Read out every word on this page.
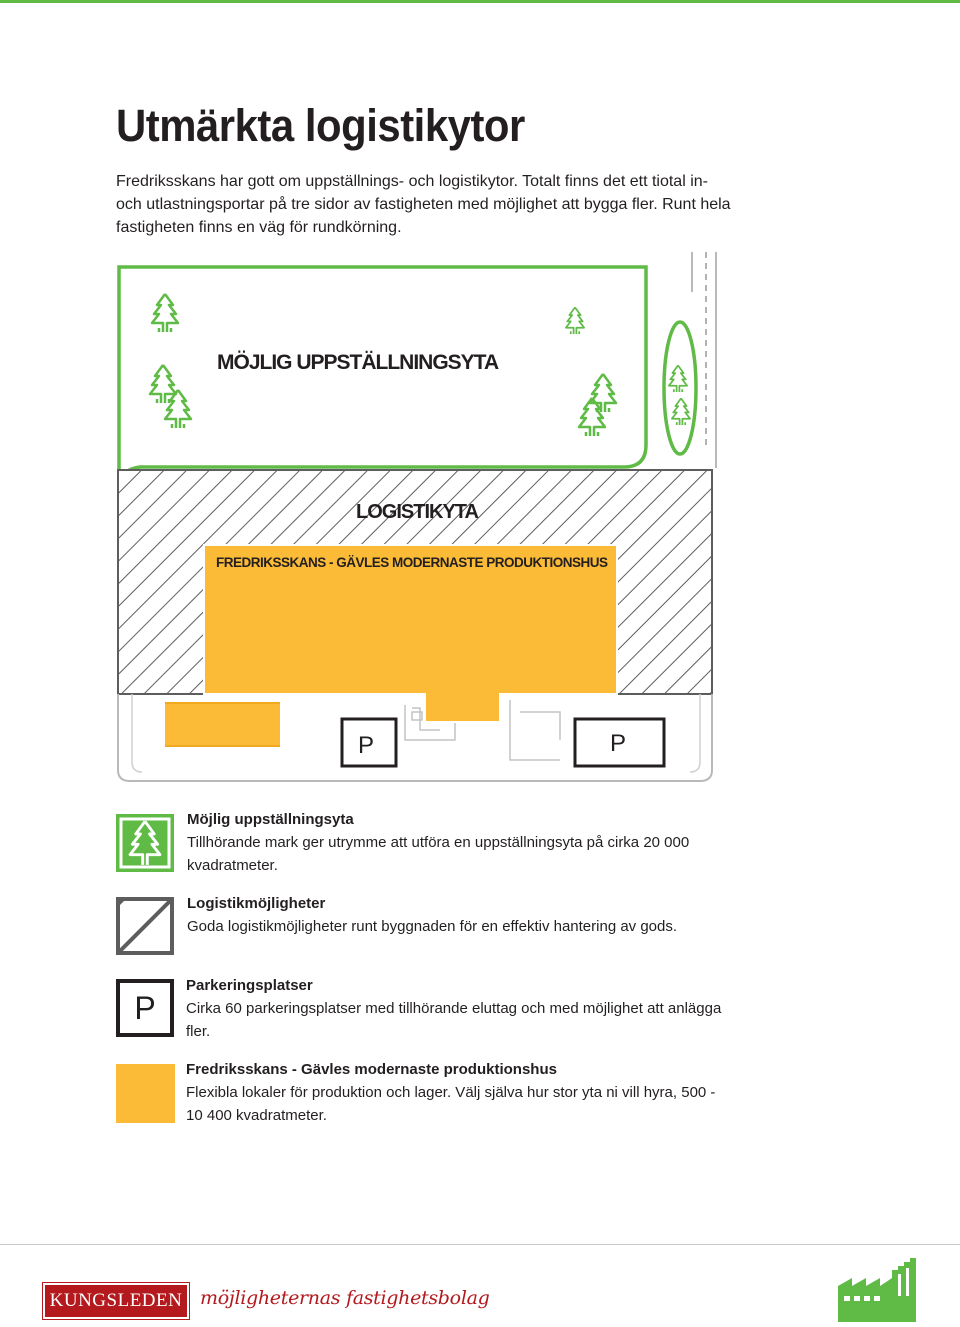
Utmärkta logistikytor

Fredriksskans har gott om uppställnings- och logistikytor. Totalt finns det ett tiotal in- och utlastningsportar på tre sidor av fastigheten med möjlighet att bygga fler. Runt hela fastigheten finns en väg för rundkörning.

MÖJLIG UPPSTÄLLNINGSYTA
LOGISTIKYTA
FREDRIKSSKANS - GÄVLES MODERNASTE PRODUKTIONSHUS
P	P
Möjlig uppställningsyta
Tillhörande mark ger utrymme att utföra en uppställningsyta på cirka 20 000 kvadratmeter.
Logistikmöjligheter
Goda logistikmöjligheter runt byggnaden för en effektiv hantering av gods.
P
Parkeringsplatser
Cirka 60 parkeringsplatser med tillhörande eluttag och med möjlighet att anlägga fler.
Fredriksskans - Gävles modernaste produktionshus
Flexibla lokaler för produktion och lager. Välj själva hur stor yta ni vill hyra, 500 - 10 400 kvadratmeter.
KUNGSLEDEN möjligheternas fastighetsbolag
